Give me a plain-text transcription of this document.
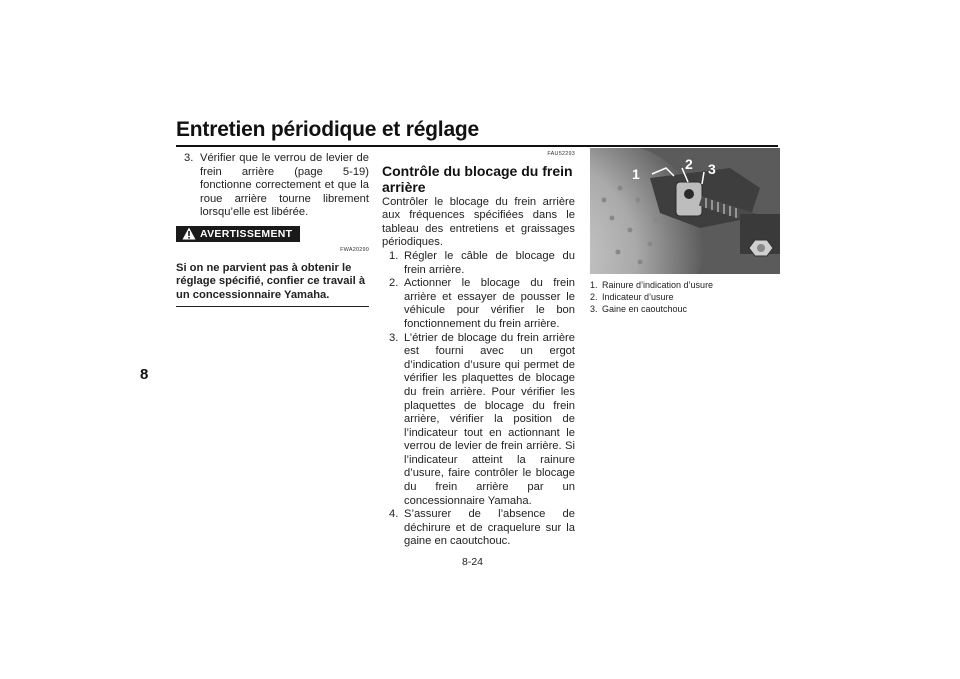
Entretien périodique et réglage
8
3. Vérifier que le verrou de levier de frein arrière (page 5-19) fonctionne correctement et que la roue arrière tourne librement lorsqu’elle est libérée.
AVERTISSEMENT
FWA20290
Si on ne parvient pas à obtenir le réglage spécifié, confier ce travail à un concessionnaire Yamaha.
FAU52293
Contrôle du blocage du frein arrière
Contrôler le blocage du frein arrière aux fréquences spécifiées dans le tableau des entretiens et graissages périodiques.
1. Régler le câble de blocage du frein arrière.
2. Actionner le blocage du frein arrière et essayer de pousser le véhicule pour vérifier le bon fonctionnement du frein arrière.
3. L’étrier de blocage du frein arrière est fourni avec un ergot d’indication d’usure qui permet de vérifier les plaquettes de blocage du frein arrière. Pour vérifier les plaquettes de blocage du frein arrière, vérifier la position de l’indicateur tout en actionnant le verrou de levier de frein arrière. Si l’indicateur atteint la rainure d’usure, faire contrôler le blocage du frein arrière par un concessionnaire Yamaha.
4. S’assurer de l’absence de déchirure et de craquelure sur la gaine en caoutchouc.
1
2 3
1. Rainure d’indication d’usure
2. Indicateur d’usure
3. Gaine en caoutchouc
8-24
